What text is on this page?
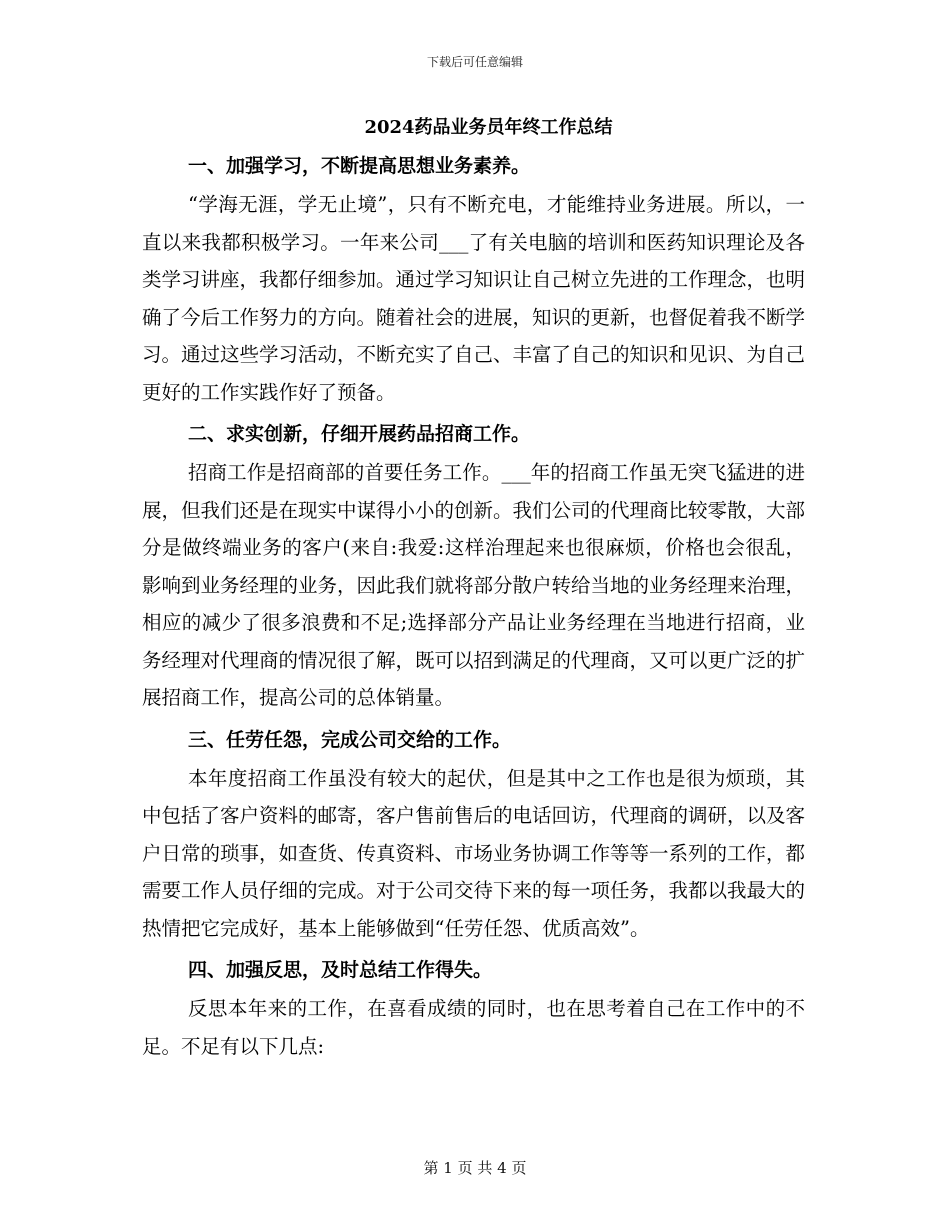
下载后可任意编辑
2024药品业务员年终工作总结
一、加强学习，不断提高思想业务素养。

“学海无涯，学无止境”，只有不断充电，才能维持业务进展。所以，一直以来我都积极学习。一年来公司___了有关电脑的培训和医药知识理论及各类学习讲座，我都仔细参加。通过学习知识让自己树立先进的工作理念，也明确了今后工作努力的方向。随着社会的进展，知识的更新，也督促着我不断学习。通过这些学习活动，不断充实了自己、丰富了自己的知识和见识、为自己更好的工作实践作好了预备。

二、求实创新，仔细开展药品招商工作。

招商工作是招商部的首要任务工作。___年的招商工作虽无突飞猛进的进展，但我们还是在现实中谋得小小的创新。我们公司的代理商比较零散，大部分是做终端业务的客户(来自:我爱:这样治理起来也很麻烦，价格也会很乱，影响到业务经理的业务，因此我们就将部分散户转给当地的业务经理来治理，相应的减少了很多浪费和不足;选择部分产品让业务经理在当地进行招商，业务经理对代理商的情况很了解，既可以招到满足的代理商，又可以更广泛的扩展招商工作，提高公司的总体销量。

三、任劳任怨，完成公司交给的工作。

本年度招商工作虽没有较大的起伏，但是其中之工作也是很为烦琐，其中包括了客户资料的邮寄，客户售前售后的电话回访，代理商的调研，以及客户日常的琐事，如查货、传真资料、市场业务协调工作等等一系列的工作，都需要工作人员仔细的完成。对于公司交待下来的每一项任务，我都以我最大的热情把它完成好，基本上能够做到“任劳任怨、优质高效”。

四、加强反思，及时总结工作得失。

反思本年来的工作，在喜看成绩的同时，也在思考着自己在工作中的不足。不足有以下几点:

第 1 页 共 4 页
